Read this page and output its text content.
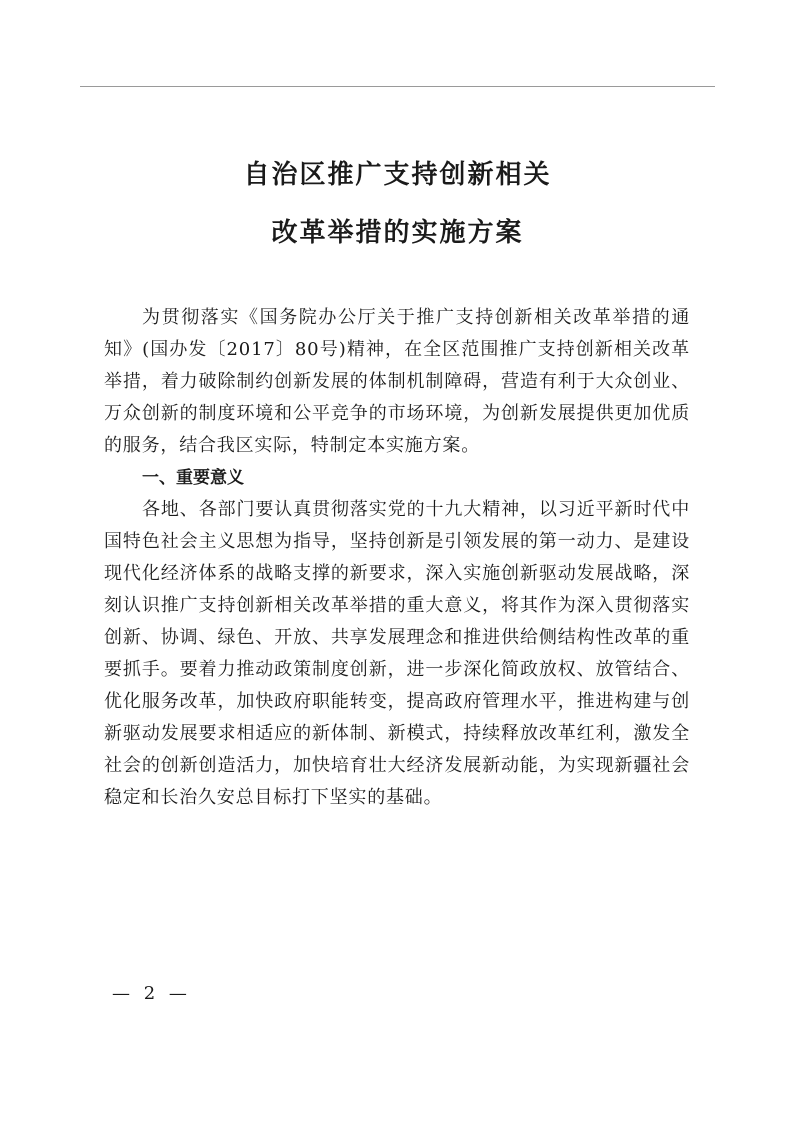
自治区推广支持创新相关
改革举措的实施方案

为贯彻落实《国务院办公厅关于推广支持创新相关改革举措的通知》(国办发〔2017〕80号)精神，在全区范围推广支持创新相关改革举措，着力破除制约创新发展的体制机制障碍，营造有利于大众创业、万众创新的制度环境和公平竞争的市场环境，为创新发展提供更加优质的服务，结合我区实际，特制定本实施方案。

一、重要意义

各地、各部门要认真贯彻落实党的十九大精神，以习近平新时代中国特色社会主义思想为指导，坚持创新是引领发展的第一动力、是建设现代化经济体系的战略支撑的新要求，深入实施创新驱动发展战略，深刻认识推广支持创新相关改革举措的重大意义，将其作为深入贯彻落实创新、协调、绿色、开放、共享发展理念和推进供给侧结构性改革的重要抓手。要着力推动政策制度创新，进一步深化简政放权、放管结合、优化服务改革，加快政府职能转变，提高政府管理水平，推进构建与创新驱动发展要求相适应的新体制、新模式，持续释放改革红利，激发全社会的创新创造活力，加快培育壮大经济发展新动能，为实现新疆社会稳定和长治久安总目标打下坚实的基础。

— 2 —
